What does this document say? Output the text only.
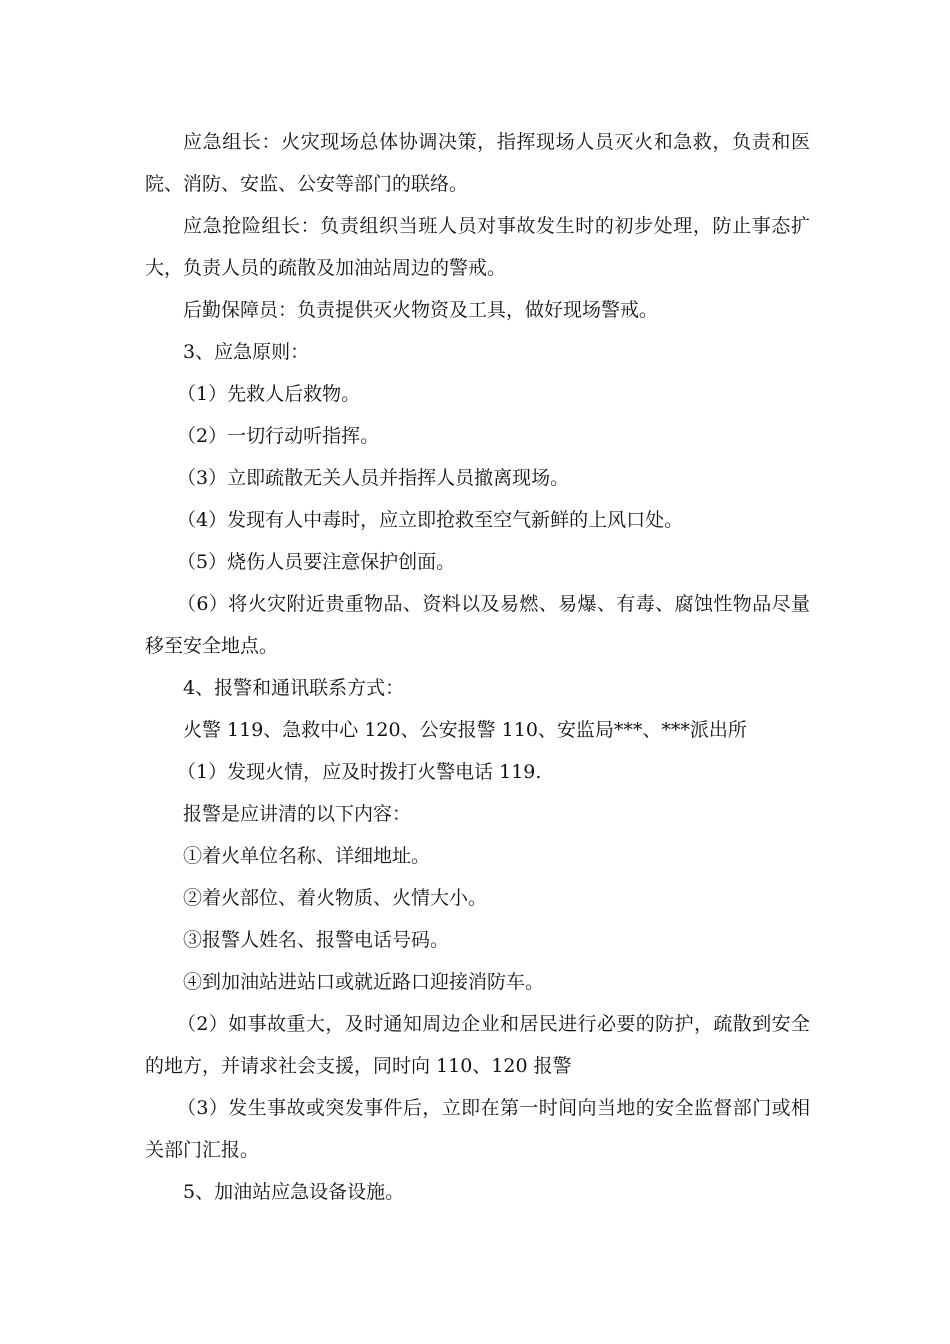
应急组长：火灾现场总体协调决策，指挥现场人员灭火和急救，负责和医院、消防、安监、公安等部门的联络。

应急抢险组长：负责组织当班人员对事故发生时的初步处理，防止事态扩大，负责人员的疏散及加油站周边的警戒。

后勤保障员：负责提供灭火物资及工具，做好现场警戒。

3、应急原则：

（1）先救人后救物。

（2）一切行动听指挥。

（3）立即疏散无关人员并指挥人员撤离现场。

（4）发现有人中毒时，应立即抢救至空气新鲜的上风口处。

（5）烧伤人员要注意保护创面。

（6）将火灾附近贵重物品、资料以及易燃、易爆、有毒、腐蚀性物品尽量移至安全地点。

4、报警和通讯联系方式：

火警 119、急救中心 120、公安报警 110、安监局***、***派出所

（1）发现火情，应及时拨打火警电话 119.

报警是应讲清的以下内容：

①着火单位名称、详细地址。

②着火部位、着火物质、火情大小。

③报警人姓名、报警电话号码。

④到加油站进站口或就近路口迎接消防车。

（2）如事故重大，及时通知周边企业和居民进行必要的防护，疏散到安全的地方，并请求社会支援，同时向 110、120 报警

（3）发生事故或突发事件后，立即在第一时间向当地的安全监督部门或相关部门汇报。

5、加油站应急设备设施。
